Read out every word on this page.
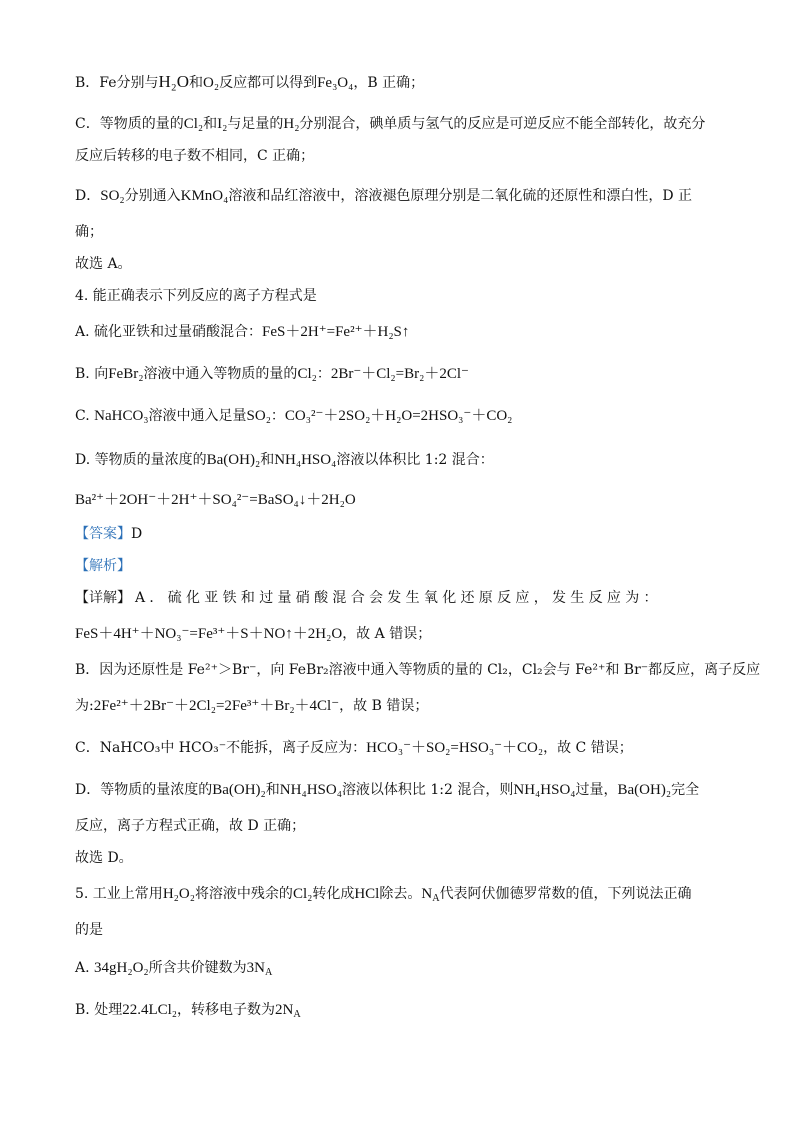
B．Fe分别与H₂O和O₂反应都可以得到Fe₃O₄，B 正确；
C．等物质的量的Cl₂和I₂与足量的H₂分别混合，碘单质与氢气的反应是可逆反应不能全部转化，故充分
反应后转移的电子数不相同，C 正确；
D．SO₂分别通入KMnO₄溶液和品红溶液中，溶液褪色原理分别是二氧化硫的还原性和漂白性，D 正
确；
故选 A。
4. 能正确表示下列反应的离子方程式是
A. 硫化亚铁和过量硝酸混合：FeS＋2H⁺=Fe²⁺＋H₂S↑
B. 向FeBr₂溶液中通入等物质的量的Cl₂：2Br⁻＋Cl₂=Br₂＋2Cl⁻
C. NaHCO₃溶液中通入足量SO₂：CO₃²⁻＋2SO₂＋H₂O=2HSO₃⁻＋CO₂
D. 等物质的量浓度的Ba(OH)₂和NH₄HSO₄溶液以体积比 1:2 混合：
Ba²⁺＋2OH⁻＋2H⁺＋SO₄²⁻=BaSO₄↓＋2H₂O
【答案】D
【解析】
【详解】 A．硫化亚铁和过量硝酸混合会发生氧化还原反应，发生反应为：
FeS＋4H⁺＋NO₃⁻=Fe³⁺＋S＋NO↑＋2H₂O，故 A 错误；
B．因为还原性是 Fe²⁺＞Br⁻，向 FeBr₂溶液中通入等物质的量的 Cl₂，Cl₂会与 Fe²⁺和 Br⁻都反应，离子反应
为:2Fe²⁺＋2Br⁻＋2Cl₂=2Fe³⁺＋Br₂＋4Cl⁻，故 B 错误；
C．NaHCO₃中 HCO₃⁻不能拆，离子反应为：HCO₃⁻＋SO₂=HSO₃⁻＋CO₂，故 C 错误；
D．等物质的量浓度的Ba(OH)₂和NH₄HSO₄溶液以体积比 1:2 混合，则NH₄HSO₄过量，Ba(OH)₂完全
反应，离子方程式正确，故 D 正确；
故选 D。
5. 工业上常用H₂O₂将溶液中残余的Cl₂转化成HCl除去。$N_A$代表阿伏伽德罗常数的值，下列说法正确
的是
A. 34gH₂O₂所含共价键数为$3N_A$
B. 处理22.4LCl₂，转移电子数为$2N_A$
